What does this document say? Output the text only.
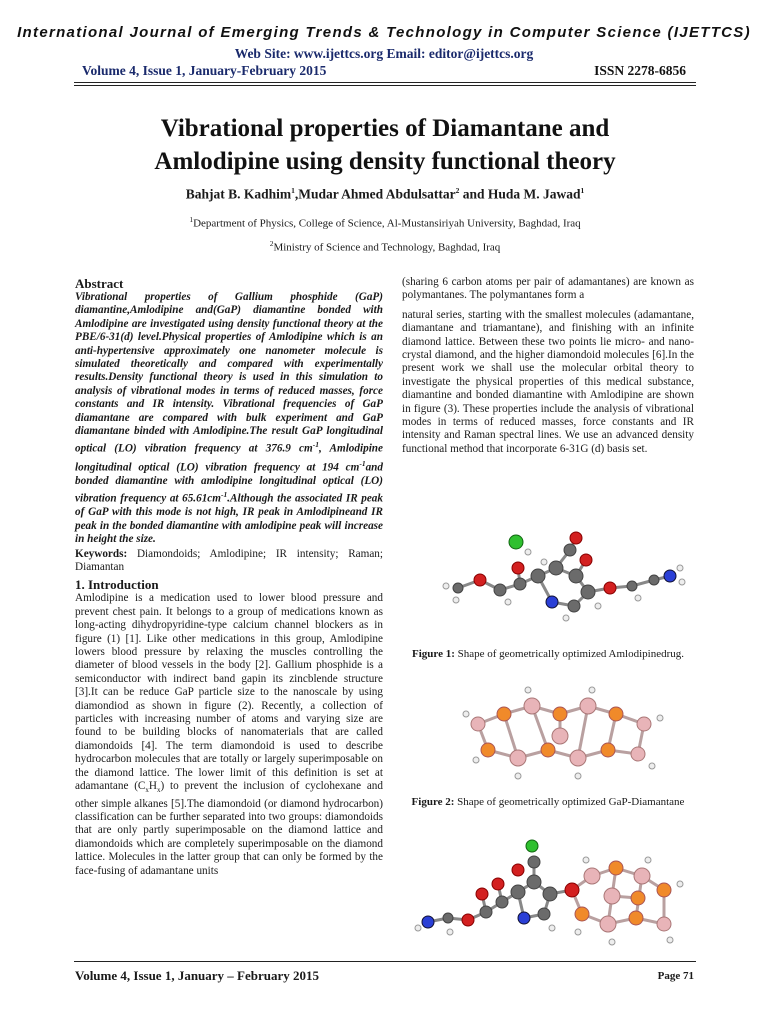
International Journal of Emerging Trends & Technology in Computer Science (IJETTCS)
Web Site: www.ijettcs.org Email: editor@ijettcs.org
Volume 4, Issue 1, January-February 2015	ISSN 2278-6856
Vibrational properties of Diamantane and
Amlodipine using density functional theory
Bahjat B. Kadhim$^1$,Mudar Ahmed Abdulsattar$^2$ and Huda M. Jawad$^1$
$^1$Department of Physics, College of Science, Al-Mustansiriyah University, Baghdad, Iraq
$^2$Ministry of Science and Technology, Baghdad, Iraq

Abstract

Vibrational properties of Gallium phosphide (GaP) diamantine,Amlodipine and(GaP) diamantine bonded with Amlodipine are investigated using density functional theory at the PBE/6-31(d) level.Physical properties of Amlodipine which is an anti-hypertensive approximately one nanometer molecule is simulated theoretically and compared with experimentally results.Density functional theory is used in this simulation to analysis of vibrational modes in terms of reduced masses, force constants and IR intensity. Vibrational frequencies of GaP diamantane are compared with bulk experiment and GaP diamantane binded with Amlodipine.The result GaP longitudinal optical (LO) vibration frequency at 376.9 $cm^{-1}$, Amlodipine longitudinal optical (LO) vibration frequency at 194 $cm^{-1}and$ bonded diamantine with amlodipine longitudinal optical (LO) vibration frequency at $65.61cm^{-1}.Although$ the associated IR peak of GaP with this mode is not high, IR peak in Amlodipineand IR peak in the bonded diamantine with amlodipine peak will increase in height the size.

Keywords: Diamondoids; Amlodipine; IR intensity; Raman; Diamantan

1. Introduction

Amlodipine is a medication used to lower blood pressure and prevent chest pain. It belongs to a group of medications known as long-acting dihydropyridine-type calcium channel blockers as in figure (1) [1]. Like other medications in this group, Amlodipine lowers blood pressure by relaxing the muscles controlling the diameter of blood vessels in the body [2]. Gallium phosphide is a semiconductor with indirect band gapin its zincblende structure [3].It can be reduce GaP particle size to the nanoscale by using diamondiod as shown in figure (2). Recently, a collection of particles with increasing number of atoms and varying size are found to be building blocks of nanomaterials that are called diamondoids [4]. The term diamondoid is used to describe hydrocarbon molecules that are totally or largely superimposable on the diamond lattice. The lower limit of this definition is set at adamantane $(C_xH_x)$ to prevent the inclusion of cyclohexane and other simple alkanes [5].The diamondoid (or diamond hydrocarbon) classification can be further separated into two groups: diamondoids that are only partly superimposable on the diamond lattice and diamondoids which are completely superimposable on the diamond lattice. Molecules in the latter group that can only be formed by the face-fusing of adamantane units

(sharing 6 carbon atoms per pair of adamantanes) are known as polymantanes. The polymantanes form a

natural series, starting with the smallest molecules (adamantane, diamantane and triamantane), and finishing with an infinite diamond lattice. Between these two points lie micro- and nano-crystal diamond, and the higher diamondoid molecules [6].In the present work we shall use the molecular orbital theory to investigate the physical properties of this medical substance, diamantine and bonded diamantine with Amlodipine are shown in figure (3). These properties include the analysis of vibrational modes in terms of reduced masses, force constants and IR intensity and Raman spectral lines. We use an advanced density functional method that incorporate 6-31G (d) basis set.

Figure 1: Shape of geometrically optimized Amlodipinedrug.
Figure 2: Shape of geometrically optimized GaP-Diamantane
Volume 4, Issue 1, January – February 2015	Page 71
